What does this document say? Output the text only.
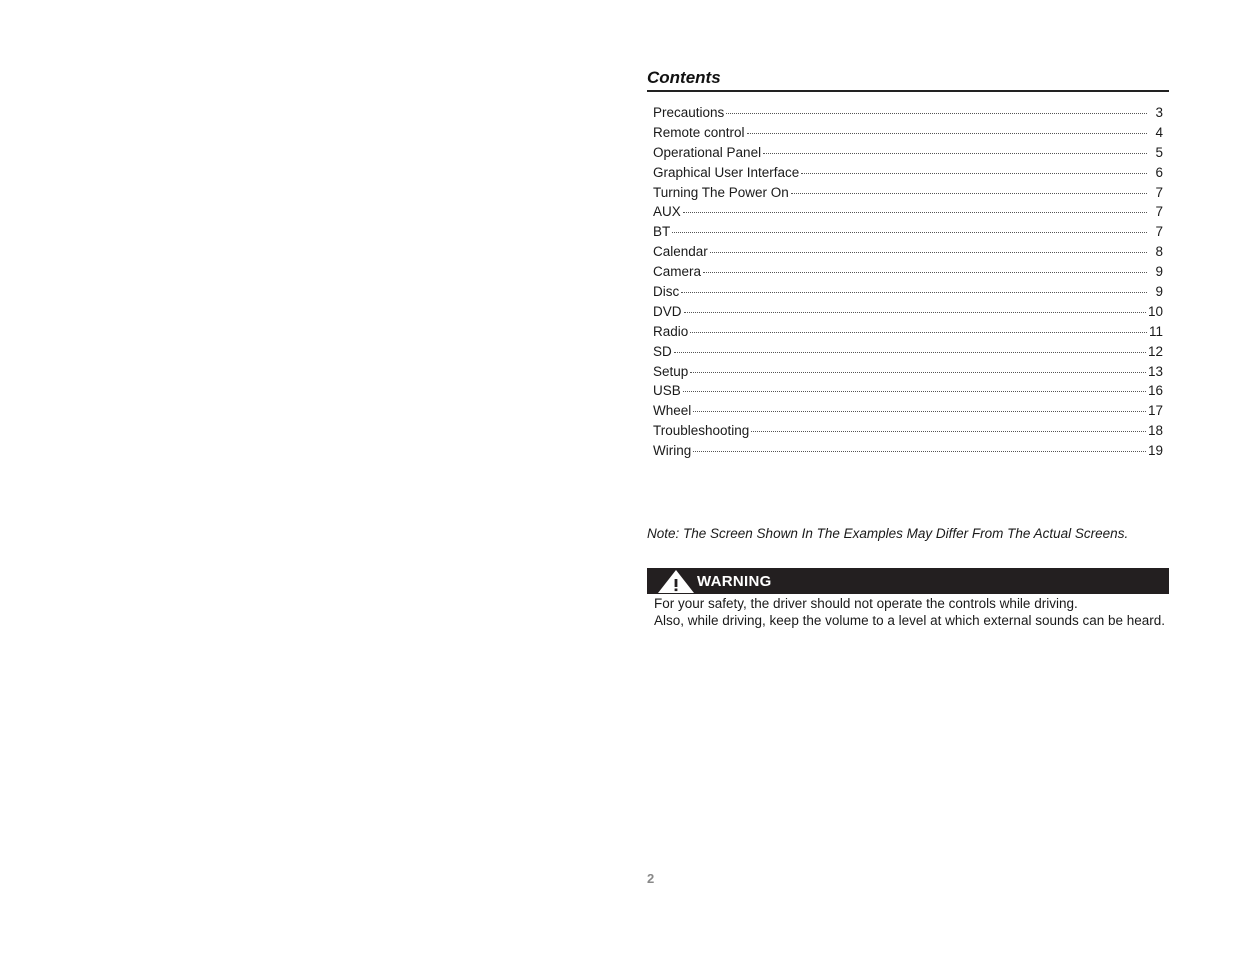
Contents
Precautions	3
Remote control	4
Operational Panel	5
Graphical User Interface	6
Turning The Power On	7
AUX	7
BT	7
Calendar	8
Camera	9
Disc	9
DVD	10
Radio	11
SD	12
Setup	13
USB	16
Wheel	17
Troubleshooting	18
Wiring	19
Note: The Screen Shown In The Examples May Differ From The Actual Screens.
WARNING

For your safety, the driver should not operate the controls while driving.

Also, while driving, keep the volume to a level at which external sounds can be heard.

2
